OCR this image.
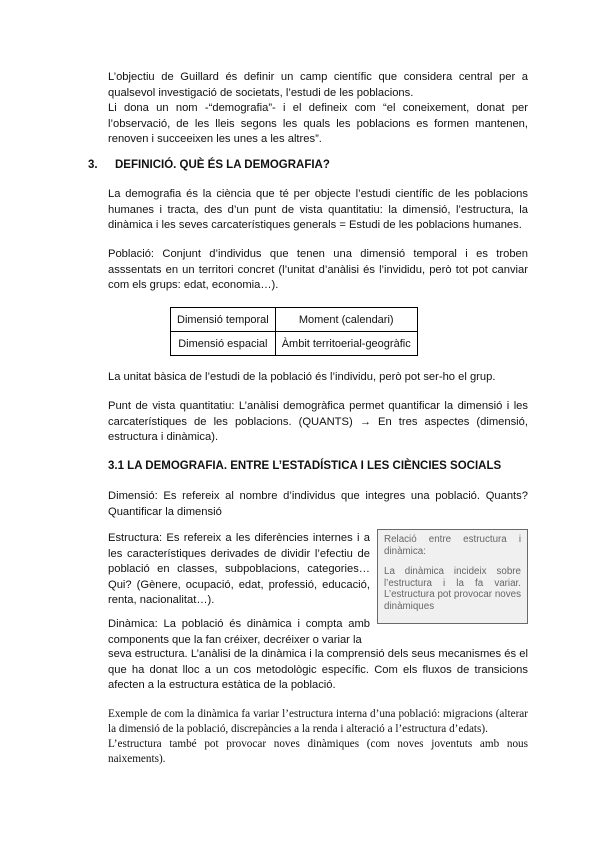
L’objectiu de Guillard és definir un camp científic que considera central per a qualsevol investigació de societats, l’estudi de les poblacions.

Li dona un nom -“demografia”- i el defineix com “el coneixement, donat per l’observació, de les lleis segons les quals les poblacions es formen mantenen, renoven i succeeixen les unes a les altres”.

3. DEFINICIÓ. QUÈ ÉS LA DEMOGRAFIA?

La demografia és la ciència que té per objecte l’estudi científic de les poblacions humanes i tracta, des d’un punt de vista quantitatiu: la dimensió, l’estructura, la dinàmica i les seves carcaterístiques generals = Estudi de les poblacions humanes.

Població: Conjunt d’individus que tenen una dimensió temporal i es troben asssentats en un territori concret (l’unitat d’anàlisi és l’invididu, però tot pot canviar com els grups: edat, economia…).

Dimensió temporal	Moment (calendari)
Dimensió espacial	Àmbit territoerial-geogràfic

La unitat bàsica de l’estudi de la població és l’individu, però pot ser-ho el grup.

Punt de vista quantitatiu: L’anàlisi demogràfica permet quantificar la dimensió i les carcaterístiques de les poblacions. (QUANTS) → En tres aspectes (dimensió, estructura i dinàmica).

3.1 LA DEMOGRAFIA. ENTRE L’ESTADÍSTICA I LES CIÈNCIES SOCIALS

Dimensió: Es refereix al nombre d’individus que integres una població. Quants? Quantificar la dimensió

Estructura: Es refereix a les diferències internes i a les característiques derivades de dividir l’efectiu de població en classes, subpoblacions, categories… Qui? (Gènere, ocupació, edat, professió, educació, renta, nacionalitat…).

Relació entre estructura i dinàmica:

La dinàmica incideix sobre l’estructura i la fa variar. L’estructura pot provocar noves dinàmiques

Dinàmica: La població és dinàmica i compta amb components que la fan créixer, decréixer o variar la

seva estructura. L’anàlisi de la dinàmica i la comprensió dels seus mecanismes és el que ha donat lloc a un cos metodològic específic. Com els fluxos de transicions afecten a la estructura estàtica de la població.

Exemple de com la dinàmica fa variar l’estructura interna d’una població: migracions (alterar la dimensió de la població, discrepàncies a la renda i alteració a l’estructura d’edats).

L’estructura també pot provocar noves dinàmiques (com noves joventuts amb nous naixements).
